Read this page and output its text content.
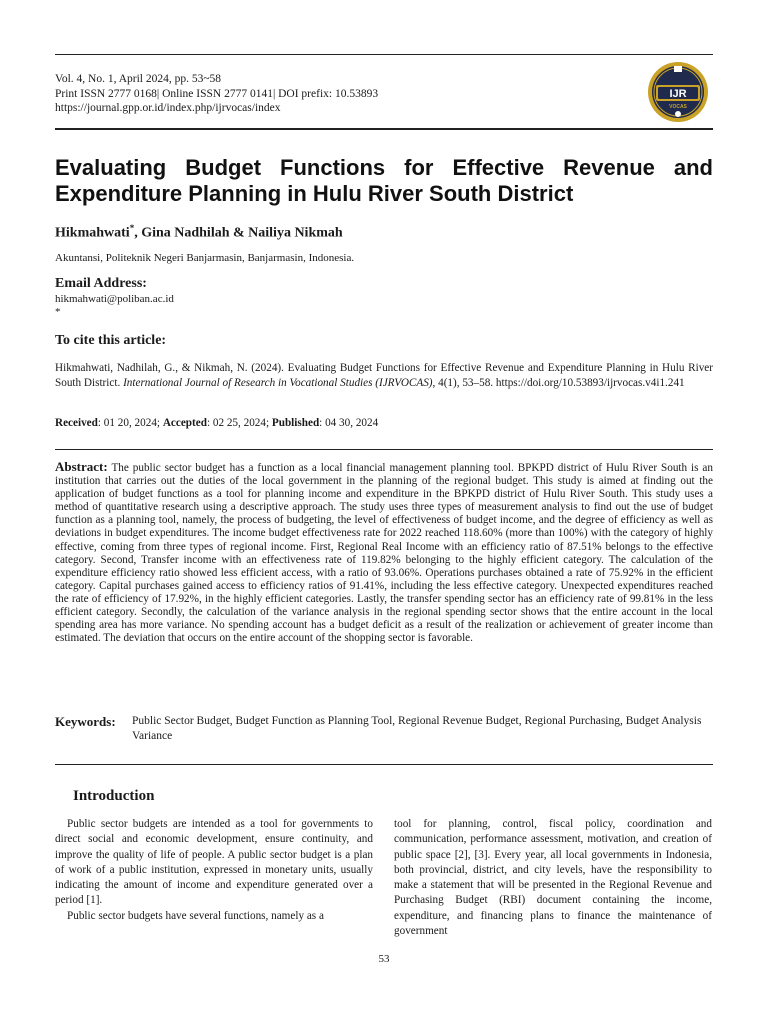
Vol. 4, No. 1, April 2024, pp. 53~58
Print ISSN 2777 0168| Online ISSN 2777 0141| DOI prefix: 10.53893
https://journal.gpp.or.id/index.php/ijrvocas/index
IJR
VOCAS
Evaluating Budget Functions for Effective Revenue and Expenditure Planning in Hulu River South District
Hikmahwati*, Gina Nadhilah & Nailiya Nikmah
Akuntansi, Politeknik Negeri Banjarmasin, Banjarmasin, Indonesia.
Email Address:
hikmahwati@poliban.ac.id
*
To cite this article:
Hikmahwati, Nadhilah, G., & Nikmah, N. (2024). Evaluating Budget Functions for Effective Revenue and Expenditure Planning in Hulu River South District. International Journal of Research in Vocational Studies (IJRVOCAS), 4(1), 53–58. https://doi.org/10.53893/ijrvocas.v4i1.241
Received: 01 20, 2024; Accepted: 02 25, 2024; Published: 04 30, 2024

Abstract: The public sector budget has a function as a local financial management planning tool. BPKPD district of Hulu River South is an institution that carries out the duties of the local government in the planning of the regional budget. This study is aimed at finding out the application of budget functions as a tool for planning income and expenditure in the BPKPD district of Hulu River South. This study uses a method of quantitative research using a descriptive approach. The study uses three types of measurement analysis to find out the use of budget function as a planning tool, namely, the process of budgeting, the level of effectiveness of budget income, and the degree of efficiency as well as deviations in budget expenditures. The income budget effectiveness rate for 2022 reached 118.60% (more than 100%) with the category of highly effective, coming from three types of regional income. First, Regional Real Income with an efficiency ratio of 87.51% belongs to the effective category. Second, Transfer income with an effectiveness rate of 119.82% belonging to the highly efficient category. The calculation of the expenditure efficiency ratio showed less efficient access, with a ratio of 93.06%. Operations purchases obtained a rate of 75.92% in the efficient category. Capital purchases gained access to efficiency ratios of 91.41%, including the less effective category. Unexpected expenditures reached the rate of efficiency of 17.92%, in the highly efficient categories. Lastly, the transfer spending sector has an efficiency rate of 99.81% in the less efficient category. Secondly, the calculation of the variance analysis in the regional spending sector shows that the entire account in the local spending area has more variance. No spending account has a budget deficit as a result of the realization or achievement of greater income than estimated. The deviation that occurs on the entire account of the shopping sector is favorable.

Keywords:	Public Sector Budget, Budget Function as Planning Tool, Regional Revenue Budget, Regional Purchasing, Budget Analysis Variance
Introduction

Public sector budgets are intended as a tool for governments to direct social and economic development, ensure continuity, and improve the quality of life of people. A public sector budget is a plan of work of a public institution, expressed in monetary units, usually indicating the amount of income and expenditure generated over a period [1].

Public sector budgets have several functions, namely as a

tool for planning, control, fiscal policy, coordination and communication, performance assessment, motivation, and creation of public space [2], [3]. Every year, all local governments in Indonesia, both provincial, district, and city levels, have the responsibility to make a statement that will be presented in the Regional Revenue and Purchasing Budget (RBI) document containing the income, expenditure, and financing plans to finance the maintenance of government

53
